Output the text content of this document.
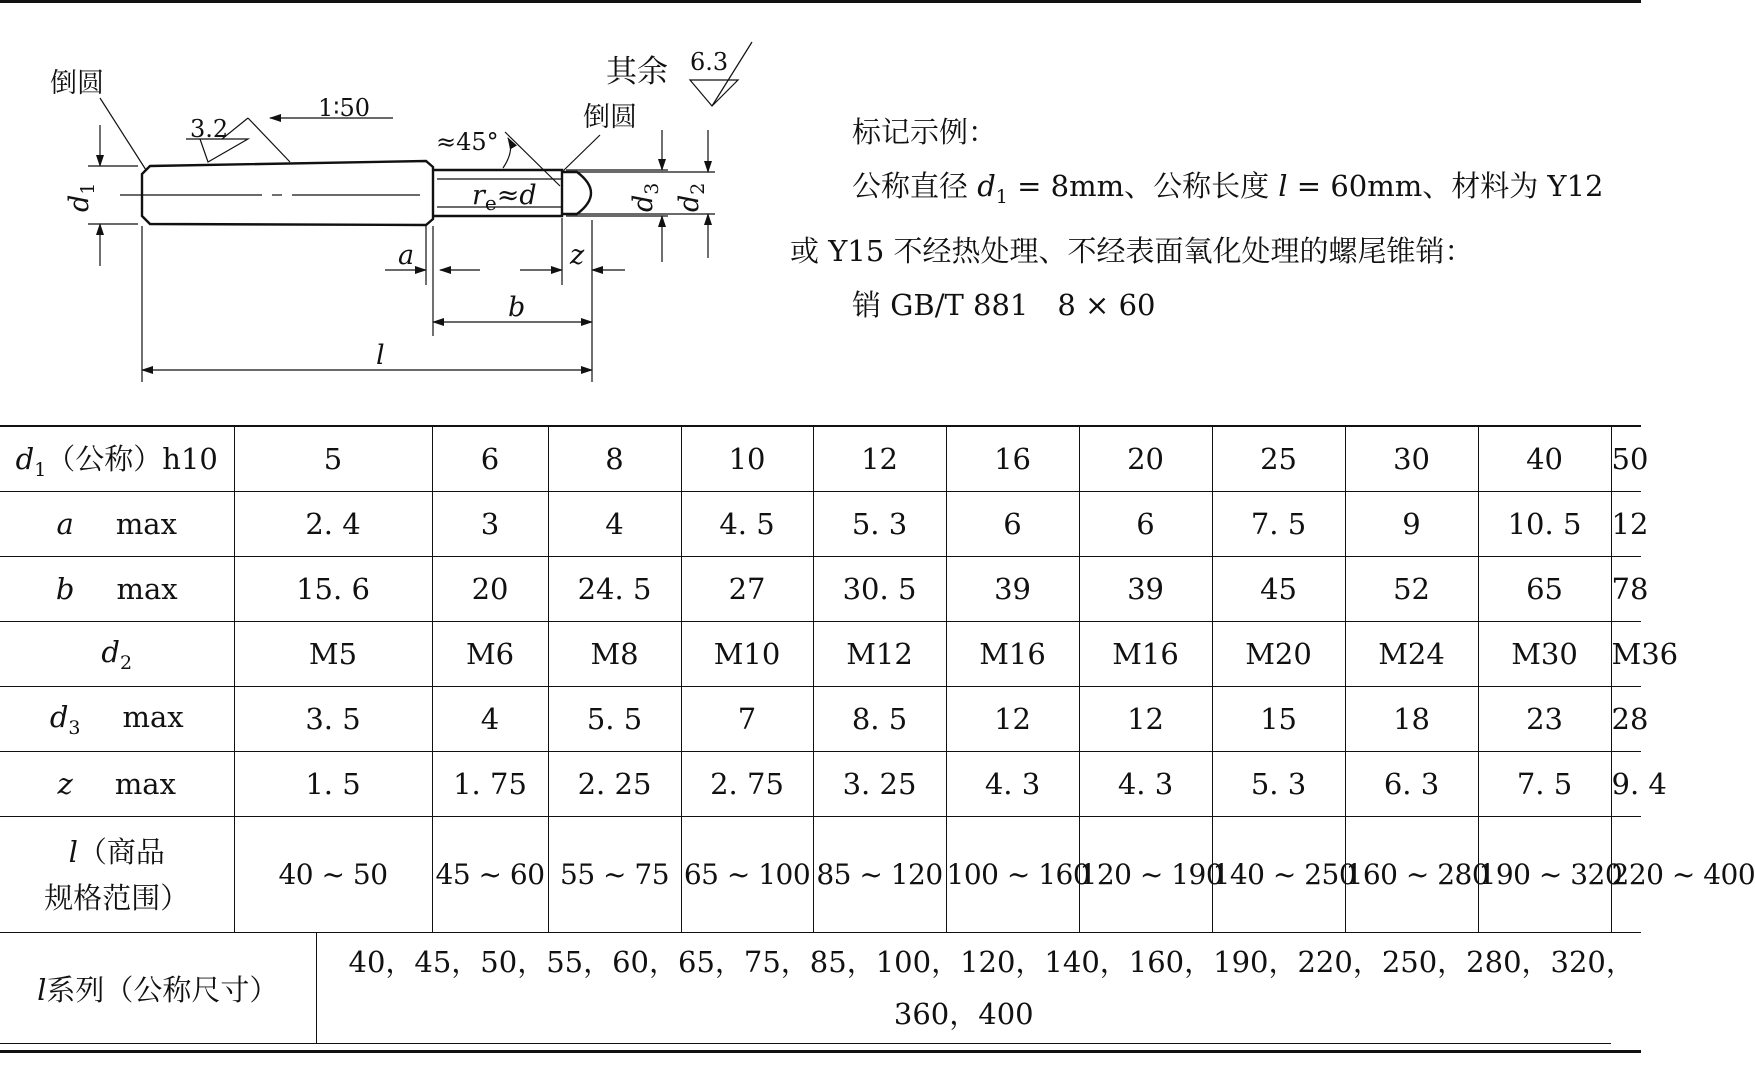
倒圆
倒圆
其余
3.2
6.3
1∶50
≈45°
$r_e\approx d$
a	z
b
l
$d_1$
$d_3$
$d_2$
标记示例：
公称直径 $d_1 = 8mm$、公称长度 l = 60mm、材料为 Y12
或 Y15 不经热处理、不经表面氧化处理的螺尾锥销：
销 GB/T 881　8 × 60
$d_1$（公称）h10	5		6	8	10	12	16	20	25	30	40	50
a max	2. 4		3	4	4. 5	5. 3	6	6	7. 5	9	10. 5	12
b max	15. 6		20	24. 5	27	30. 5	39	39	45	52	65	78
$d_2$	M5		M6	M8	M10	M12	M16	M16	M20	M24	M30	M36
$d_3$ max	3. 5		4	5. 5	7	8. 5	12	12	15	18	23	28
z max	1. 5		1. 75	2. 25	2. 75	3. 25	4. 3	4. 3	5. 3	6. 3	7. 5	9. 4
l（商品
规格范围）	40 ~ 50		45 ~ 60	55 ~ 75	65 ~ 100	85 ~ 120	100 ~ 160	120 ~ 190	140 ~ 250	160 ~ 280	190 ~ 320	220 ~ 400
l系列（公称尺寸）		40，45，50，55，60，65，75，85，100，120，140，160，190，220，250，280，320，
360，400										
